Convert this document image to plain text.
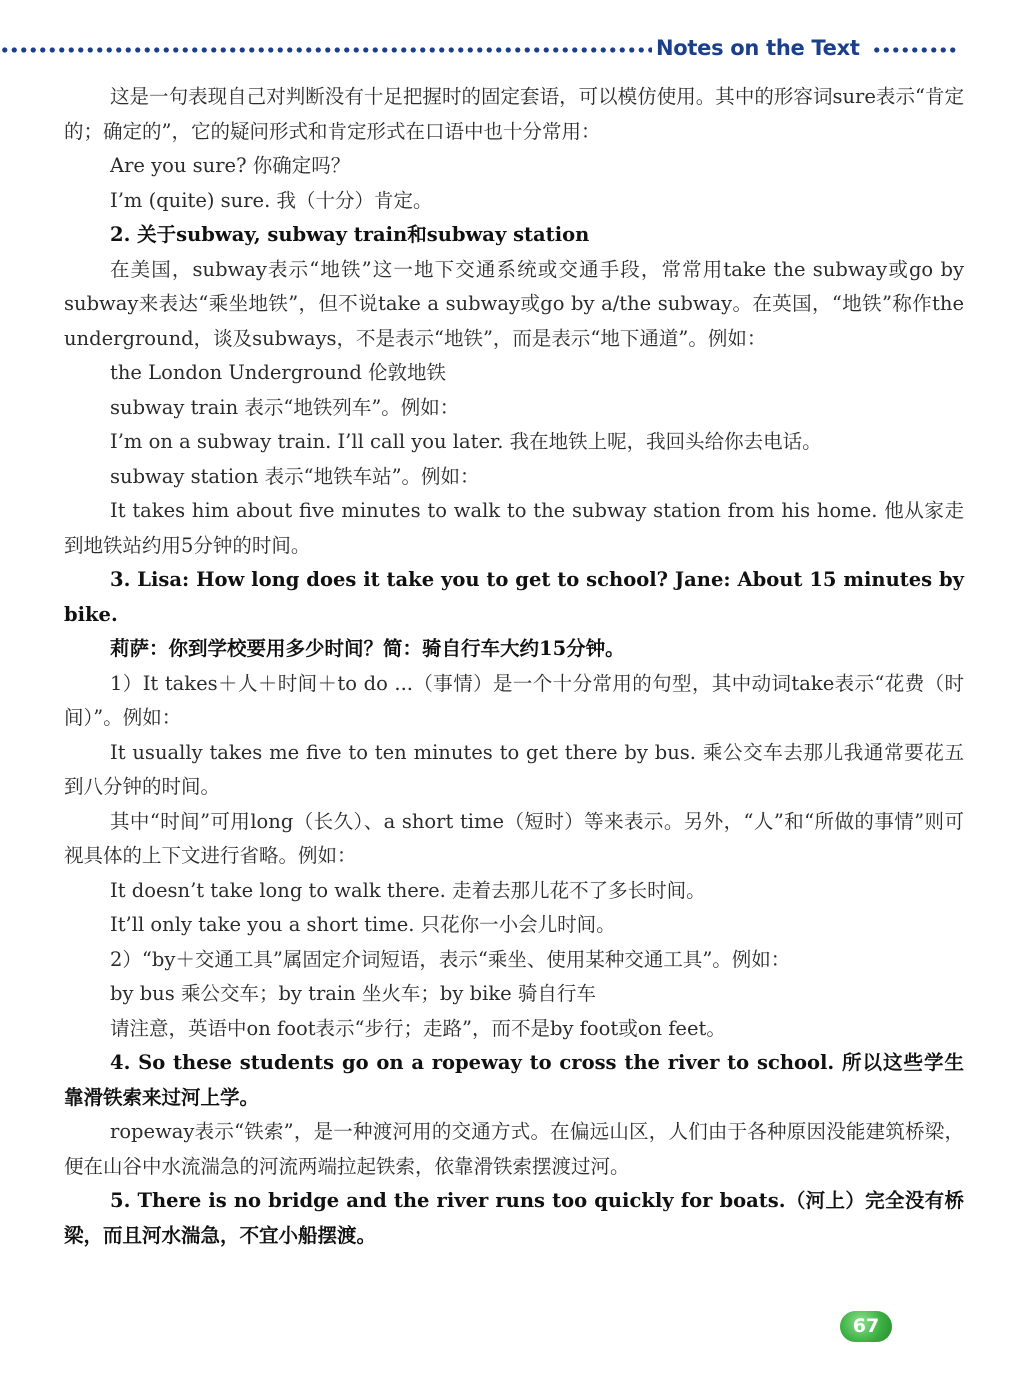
Notes on the Text

这是一句表现自己对判断没有十足把握时的固定套语，可以模仿使用。其中的形容词sure表示“肯定的；确定的”，它的疑问形式和肯定形式在口语中也十分常用：

Are you sure? 你确定吗？

I’m (quite) sure. 我（十分）肯定。

2. 关于subway, subway train和subway station

在美国，subway表示“地铁”这一地下交通系统或交通手段，常常用take the subway或go by subway来表达“乘坐地铁”，但不说take a subway或go by a/the subway。在英国，“地铁”称作the underground，谈及subways，不是表示“地铁”，而是表示“地下通道”。例如：

the London Underground 伦敦地铁

subway train 表示“地铁列车”。例如：

I’m on a subway train. I’ll call you later. 我在地铁上呢，我回头给你去电话。

subway station 表示“地铁车站”。例如：

It takes him about five minutes to walk to the subway station from his home. 他从家走到地铁站约用5分钟的时间。

3. Lisa: How long does it take you to get to school? Jane: About 15 minutes by bike.

莉萨：你到学校要用多少时间？简：骑自行车大约15分钟。

1）It takes＋人＋时间＋to do ...（事情）是一个十分常用的句型，其中动词take表示“花费（时间）”。例如：

It usually takes me five to ten minutes to get there by bus. 乘公交车去那儿我通常要花五到八分钟的时间。

其中“时间”可用long（长久）、a short time（短时）等来表示。另外，“人”和“所做的事情”则可视具体的上下文进行省略。例如：

It doesn’t take long to walk there. 走着去那儿花不了多长时间。

It’ll only take you a short time. 只花你一小会儿时间。

2）“by＋交通工具”属固定介词短语，表示“乘坐、使用某种交通工具”。例如：

by bus 乘公交车；by train 坐火车；by bike 骑自行车

请注意，英语中on foot表示“步行；走路”，而不是by foot或on feet。

4. So these students go on a ropeway to cross the river to school. 所以这些学生靠滑铁索来过河上学。

ropeway表示“铁索”，是一种渡河用的交通方式。在偏远山区，人们由于各种原因没能建筑桥梁，便在山谷中水流湍急的河流两端拉起铁索，依靠滑铁索摆渡过河。

5. There is no bridge and the river runs too quickly for boats.（河上）完全没有桥梁，而且河水湍急，不宜小船摆渡。

67
